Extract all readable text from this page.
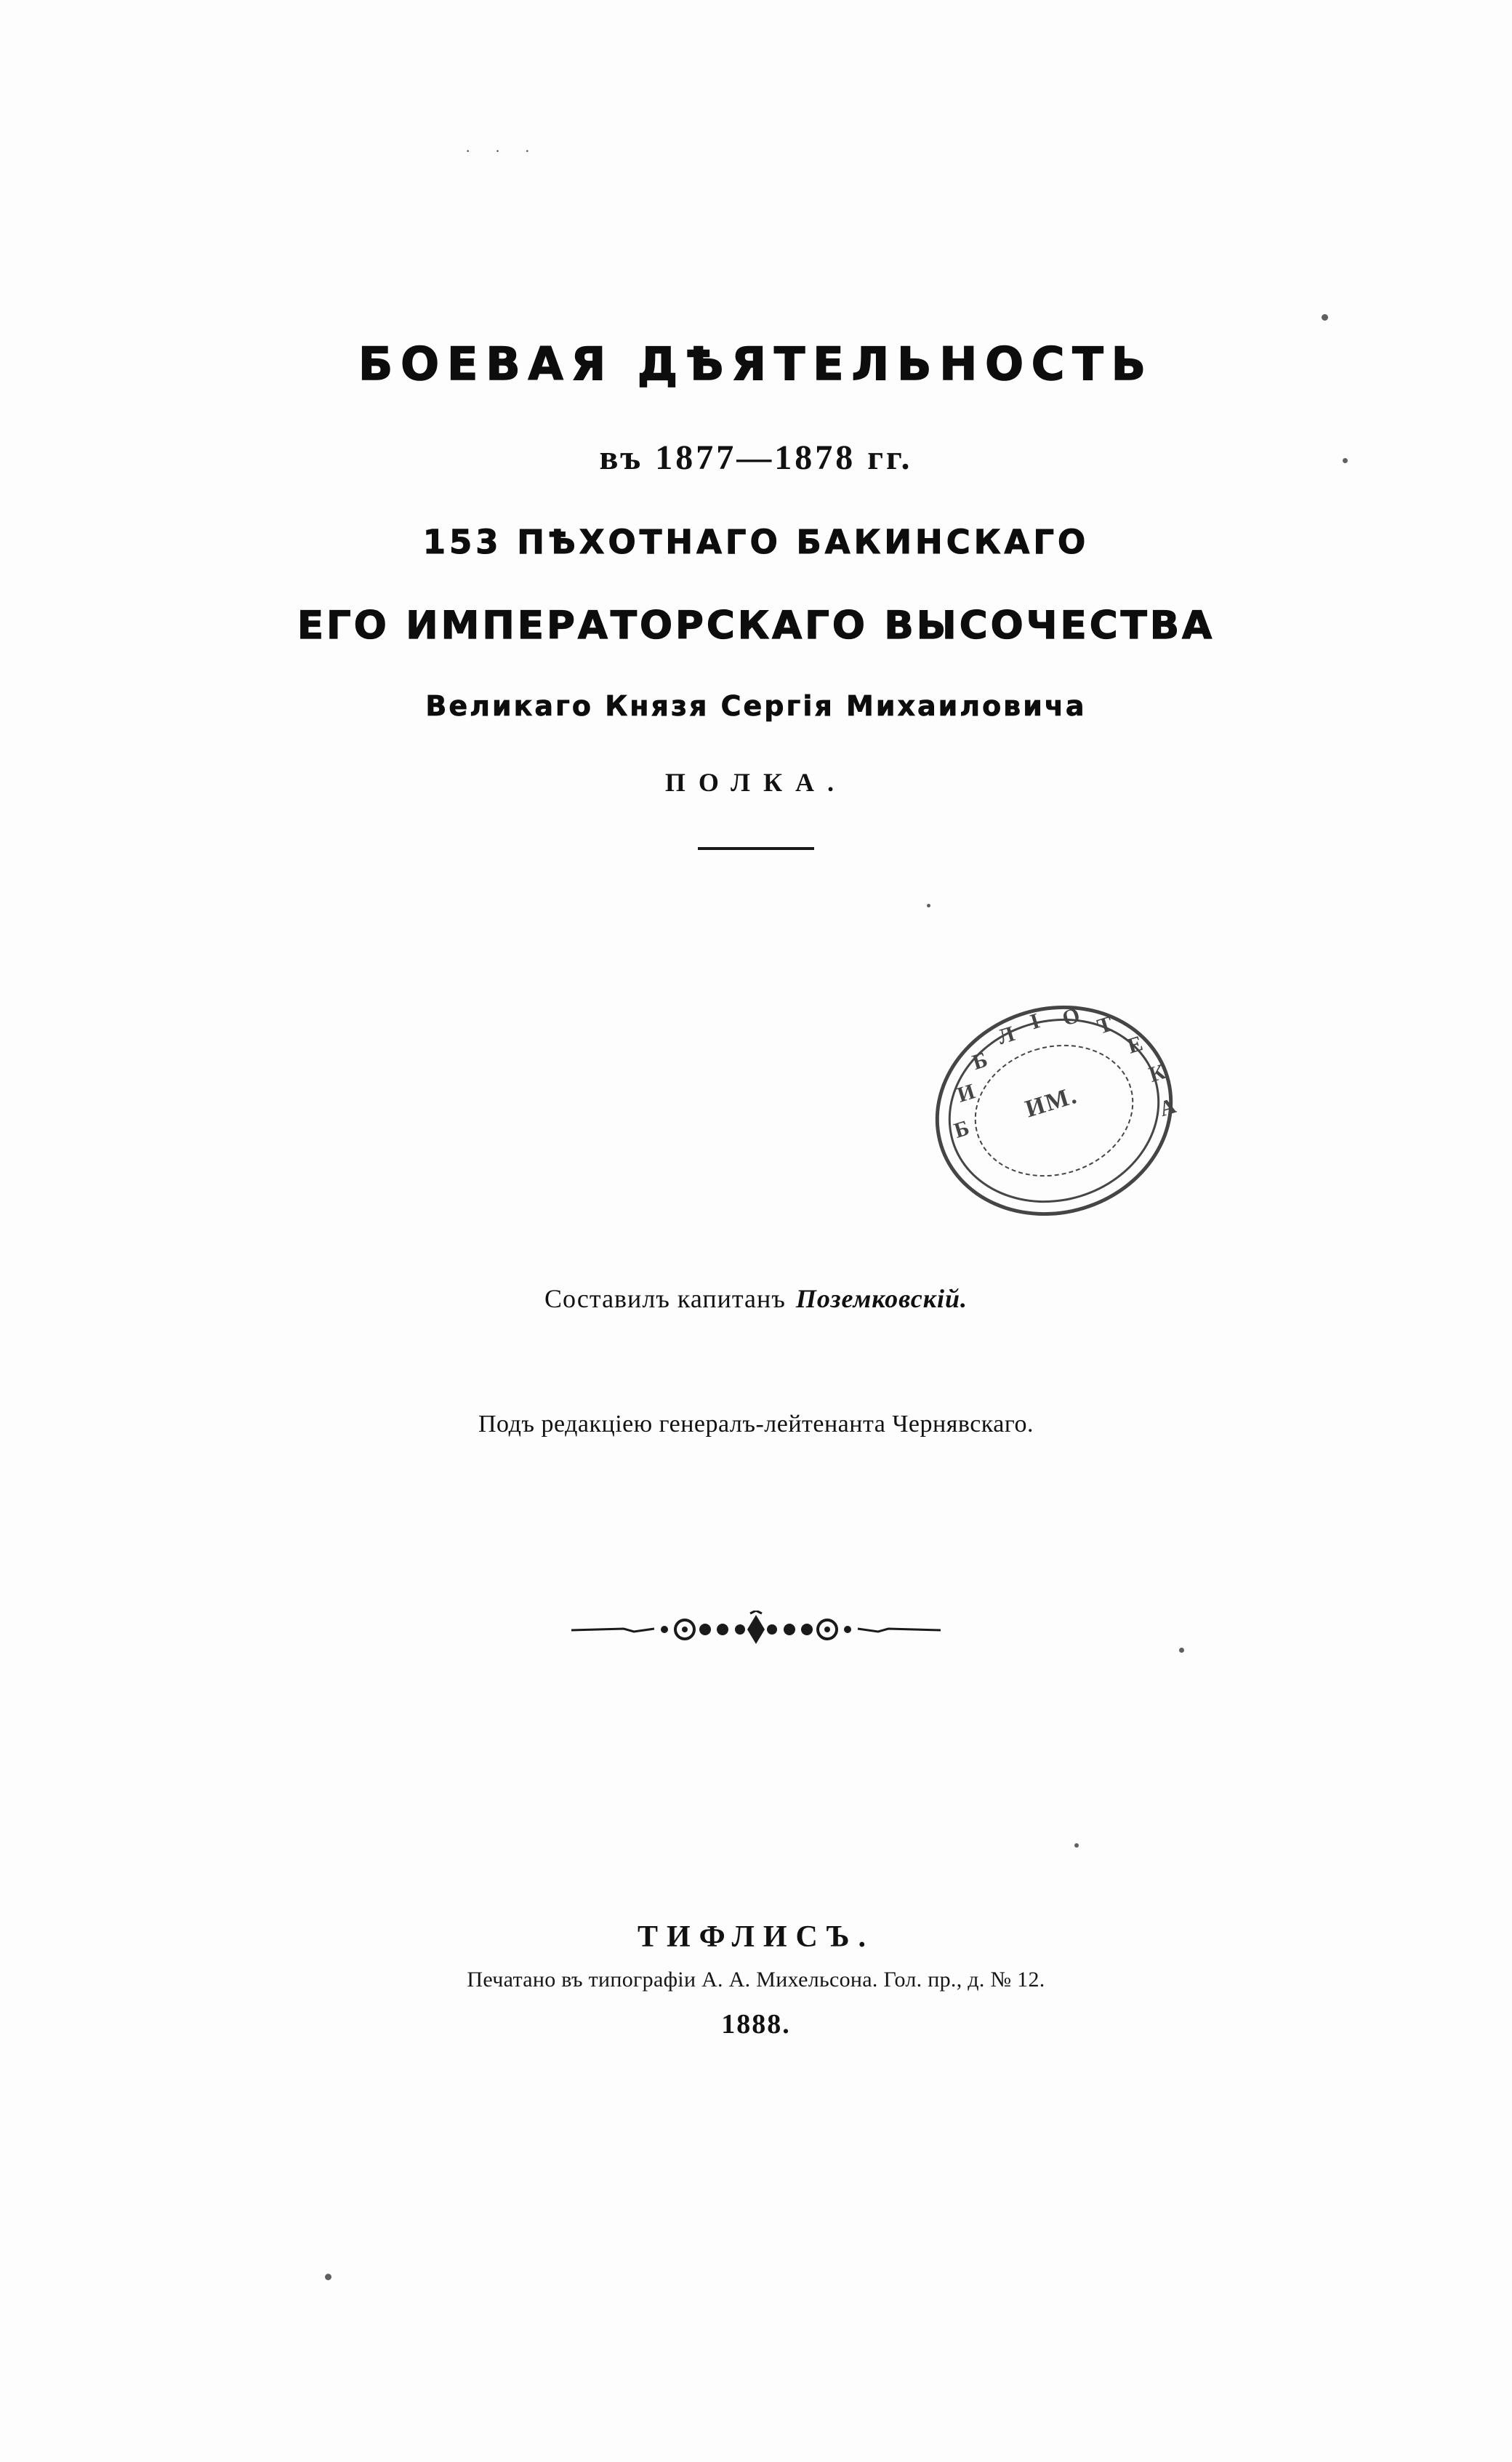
· · ·
БОЕВАЯ ДѢЯТЕЛЬНОСТЬ
въ 1877—1878 гг.
153 ПѢХОТНАГО БАКИНСКАГО
ЕГО ИМПЕРАТОРСКАГО ВЫСОЧЕСТВА
Великаго Князя Сергія Михаиловича
ПОЛКА.
ИМ.
Б
И
Б
Л
I О Т
Е
К
А
Составилъ капитанъ Поземковскій.
Подъ редакціею генералъ-лейтенанта Чернявскаго.
ТИФЛИСЪ.
Печатано въ типографіи А. А. Михельсона. Гол. пр., д. № 12.
1888.
